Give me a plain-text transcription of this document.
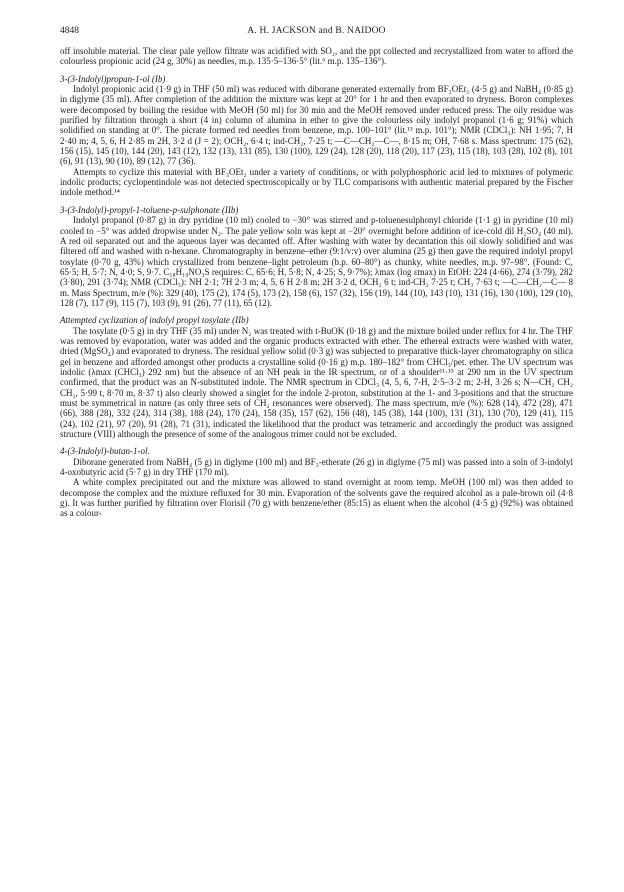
4848	A. H. JACKSON and B. NAIDOO

off insoluble material. The clear pale yellow filtrate was acidified with SO₂, and the ppt collected and recrystallized from water to afford the colourless propionic acid (24 g, 30%) as needles, m.p. 135·5–136·5° (lit.⁶ m.p. 135–136°).

3-(3-Indolyl)propan-1-ol (Ib)

Indolyl propionic acid (1·9 g) in THF (50 ml) was reduced with diborane generated externally from BF₃OEt₂ (4·5 g) and NaBH₄ (0·85 g) in diglyme (35 ml). After completion of the addition the mixture was kept at 20° for 1 hr and then evaporated to dryness. Boron complexes were decomposed by boiling the residue with MeOH (50 ml) for 30 min and the MeOH removed under reduced press. The oily residue was purified by filtration through a short (4 in) column of alumina in ether to give the colourless oily indolyl propanol (1·6 g; 91%) which solidified on standing at 0°. The picrate formed red needles from benzene, m.p. 100–101° (lit.¹³ m.p. 101°); NMR (CDCl₃): NH 1·95; 7, H 2·40 m; 4, 5, 6, H 2·85 m 2H, 3·2 d (J = 2); OCH₂, 6·4 t; ind-CH₂, 7·25 t; —C—CH₂—C—, 8·15 m; OH, 7·68 s. Mass spectrum: 175 (62), 156 (15), 145 (10), 144 (20), 143 (12), 132 (13), 131 (85), 130 (100), 129 (24), 128 (20), 118 (20), 117 (23), 115 (18), 103 (28), 102 (8), 101 (6), 91 (13), 90 (10), 89 (12), 77 (36).

Attempts to cyclize this material with BF₃OEt₂ under a variety of conditions, or with polyphosphoric acid led to mixtures of polymeric indolic products; cyclopentindole was not detected spectroscopically or by TLC comparisons with authentic material prepared by the Fischer indole method.¹⁴

3-(3-Indolyl)-propyl-1-toluene-p-sulphonate (IIb)

Indolyl propanol (0·87 g) in dry pyridine (10 ml) cooled to −30° was stirred and p-toluenesulphonyl chloride (1·1 g) in pyridine (10 ml) cooled to −5° was added dropwise under N₂. The pale yellow soln was kept at −20° overnight before addition of ice-cold dil H₂SO₄ (40 ml). A red oil separated out and the aqueous layer was decanted off. After washing with water by decantation this oil slowly solidified and was filtered off and washed with n-hexane. Chromatography in benzene–ether (9:1/v:v) over alumina (25 g) then gave the required indolyl propyl tosylate (0·70 g, 43%) which crystallized from benzene–light petroleum (b.p. 60–80°) as chunky, white needles, m.p. 97–98°. (Found: C, 65·5; H, 5·7; N, 4·0; S, 9·7. C₁₈H₁₉NO₃S requires: C, 65·6; H, 5·8; N, 4·25; S, 9·7%); λmax (log εmax) in EtOH: 224 (4·66), 274 (3·79), 282 (3·80), 291 (3·74); NMR (CDCl₃): NH 2·1; 7H 2·3 m; 4, 5, 6 H 2·8 m; 2H 3·2 d, OCH₂ 6 t; ind-CH₂ 7·25 t; CH₃ 7·63 t; —C—CH₂—C— 8 m. Mass Spectrum, m/e (%): 329 (40), 175 (2), 174 (5), 173 (2), 158 (6), 157 (32), 156 (19), 144 (10), 143 (10), 131 (16), 130 (100), 129 (10), 128 (7), 117 (9), 115 (7), 103 (9), 91 (26), 77 (11), 65 (12).

Attempted cyclization of indolyl propyl tosylate (IIb)

The tosylate (0·5 g) in dry THF (35 ml) under N₂ was treated with t-BuOK (0·18 g) and the mixture boiled under reflux for 4 hr. The THF was removed by evaporation, water was added and the organic products extracted with ether. The ethereal extracts were washed with water, dried (MgSO₄) and evaporated to dryness. The residual yellow solid (0·3 g) was subjected to preparative thick-layer chromatography on silica gel in benzene and afforded amongst other products a crystalline solid (0·16 g) m.p. 180–182° from CHCl₃/pet. ether. The UV spectrum was indolic (λmax (CHCl₃) 292 nm) but the absence of an NH peak in the IR spectrum, or of a shoulder¹¹·¹⁵ at 290 nm in the UV spectrum confirmed, that the product was an N-substituted indole. The NMR spectrum in CDCl₃ (4, 5, 6, 7-H, 2·5–3·2 m; 2-H, 3·26 s; N—CH₂ CH₂ CH₂, 5·99 t, 8·70 m, 8·37 t) also clearly showed a singlet for the indole 2-proton, substitution at the 1- and 3-positions and that the structure must be symmetrical in nature (as only three sets of CH₂ resonances were observed). The mass spectrum, m/e (%): 628 (14), 472 (28), 471 (66), 388 (28), 332 (24), 314 (38), 188 (24), 170 (24), 158 (35), 157 (62), 156 (48), 145 (38), 144 (100), 131 (31), 130 (70), 129 (41), 115 (24), 102 (21), 97 (20), 91 (28), 71 (31), indicated the likelihood that the product was tetrameric and accordingly the product was assigned structure (VIII) although the presence of some of the analogous trimer could not be excluded.

4-(3-Indolyl)-butan-1-ol.

Diborane generated from NaBH₄ (5 g) in diglyme (100 ml) and BF₃-etherate (26 g) in diglyme (75 ml) was passed into a soln of 3-indolyl 4-oxobutyric acid (5·7 g) in dry THF (170 ml).

A white complex precipitated out and the mixture was allowed to stand overnight at room temp. MeOH (100 ml) was then added to decompose the complex and the mixture refluxed for 30 min. Evaporation of the solvents gave the required alcohol as a pale-brown oil (4·8 g). It was further purified by filtration over Florisil (70 g) with benzene/ether (85:15) as eluent when the alcohol (4·5 g) (92%) was obtained as a colour-
